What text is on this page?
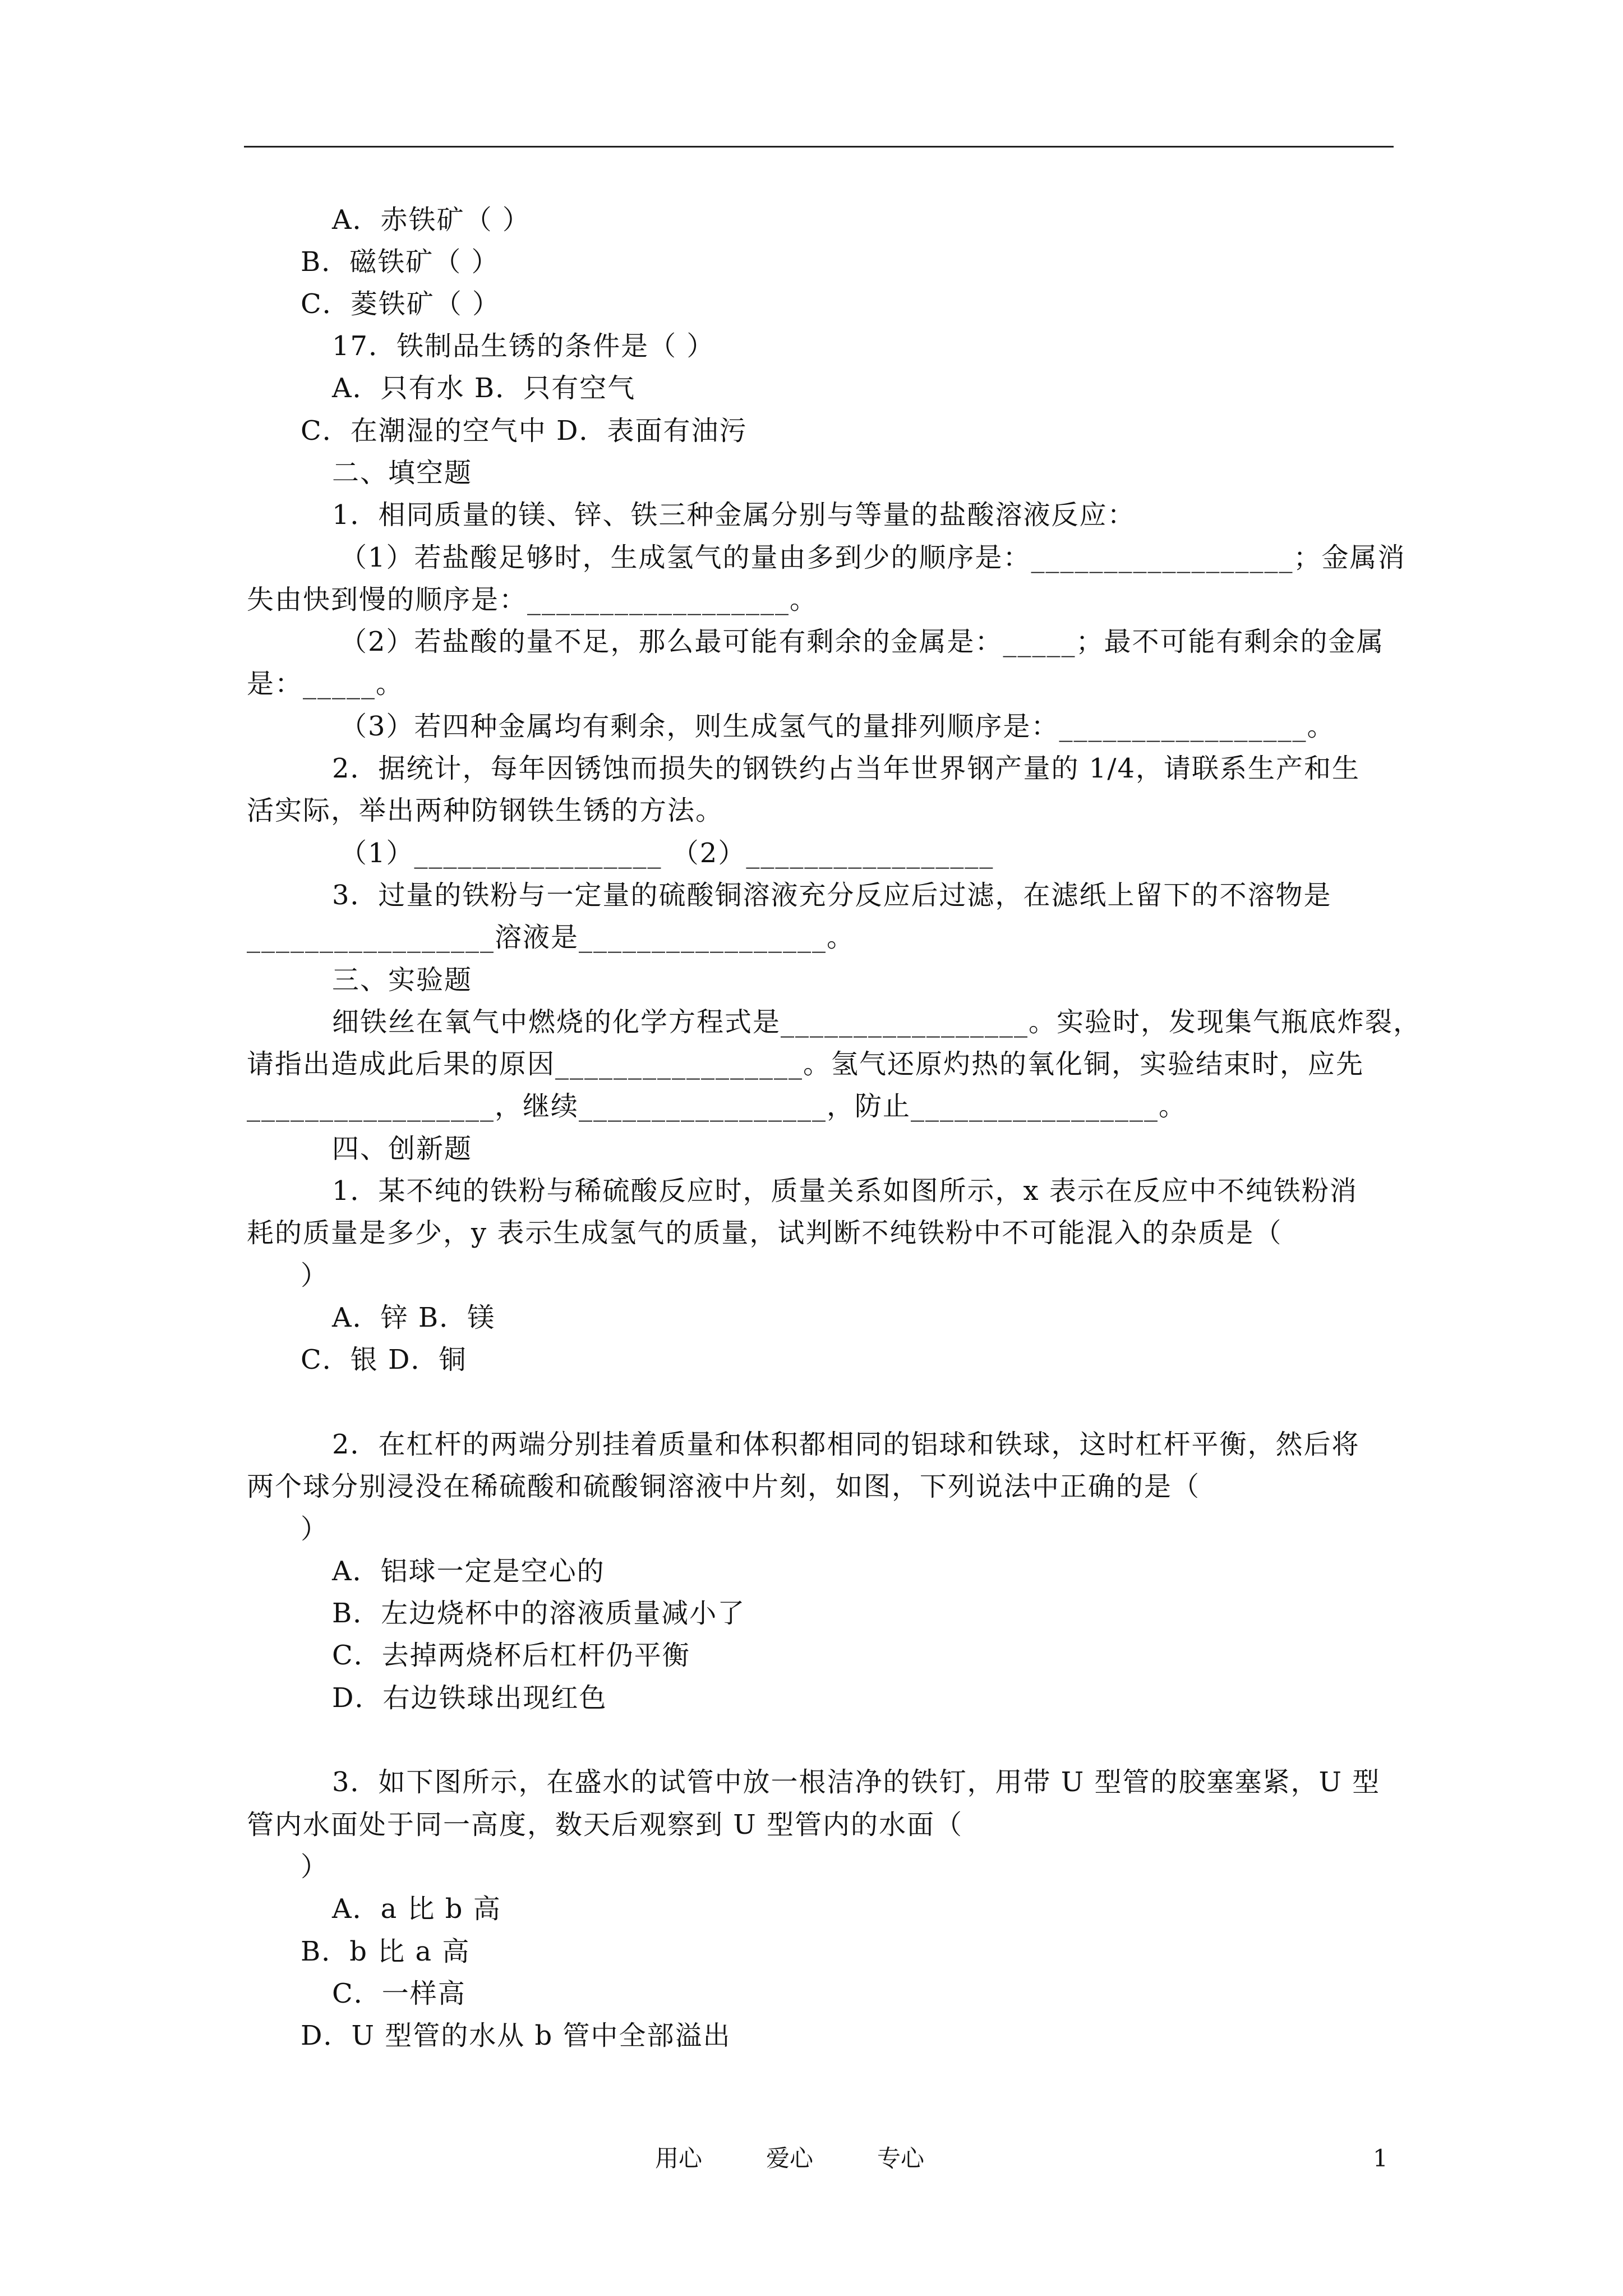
A．赤铁矿（ ）
B．磁铁矿（ ）
C．菱铁矿（ ）
17．铁制品生锈的条件是（ ）
A．只有水 B．只有空气
C．在潮湿的空气中 D．表面有油污
二、填空题
1．相同质量的镁、锌、铁三种金属分别与等量的盐酸溶液反应：
（1）若盐酸足够时，生成氢气的量由多到少的顺序是：__________________；金属消
失由快到慢的顺序是：__________________。
（2）若盐酸的量不足，那么最可能有剩余的金属是：_____；最不可能有剩余的金属
是：_____。
（3）若四种金属均有剩余，则生成氢气的量排列顺序是：_________________。
2．据统计，每年因锈蚀而损失的钢铁约占当年世界钢产量的 1/4，请联系生产和生
活实际，举出两种防钢铁生锈的方法。
（1）_________________ （2）_________________
3．过量的铁粉与一定量的硫酸铜溶液充分反应后过滤，在滤纸上留下的不溶物是
_________________溶液是_________________。
三、实验题
细铁丝在氧气中燃烧的化学方程式是_________________。实验时，发现集气瓶底炸裂，
请指出造成此后果的原因_________________。氢气还原灼热的氧化铜，实验结束时，应先
_________________，继续_________________，防止_________________。
四、创新题
1．某不纯的铁粉与稀硫酸反应时，质量关系如图所示，x 表示在反应中不纯铁粉消
耗的质量是多少，y 表示生成氢气的质量，试判断不纯铁粉中不可能混入的杂质是（
）
A．锌 B．镁
C．银 D．铜
2．在杠杆的两端分别挂着质量和体积都相同的铝球和铁球，这时杠杆平衡，然后将
两个球分别浸没在稀硫酸和硫酸铜溶液中片刻，如图，下列说法中正确的是（
）
A．铝球一定是空心的
B．左边烧杯中的溶液质量减小了
C．去掉两烧杯后杠杆仍平衡
D．右边铁球出现红色
3．如下图所示，在盛水的试管中放一根洁净的铁钉，用带 U 型管的胶塞塞紧，U 型
管内水面处于同一高度，数天后观察到 U 型管内的水面（
）
A．a 比 b 高
B．b 比 a 高
C．一样高
D．U 型管的水从 b 管中全部溢出
用心	爱心	专心	1
